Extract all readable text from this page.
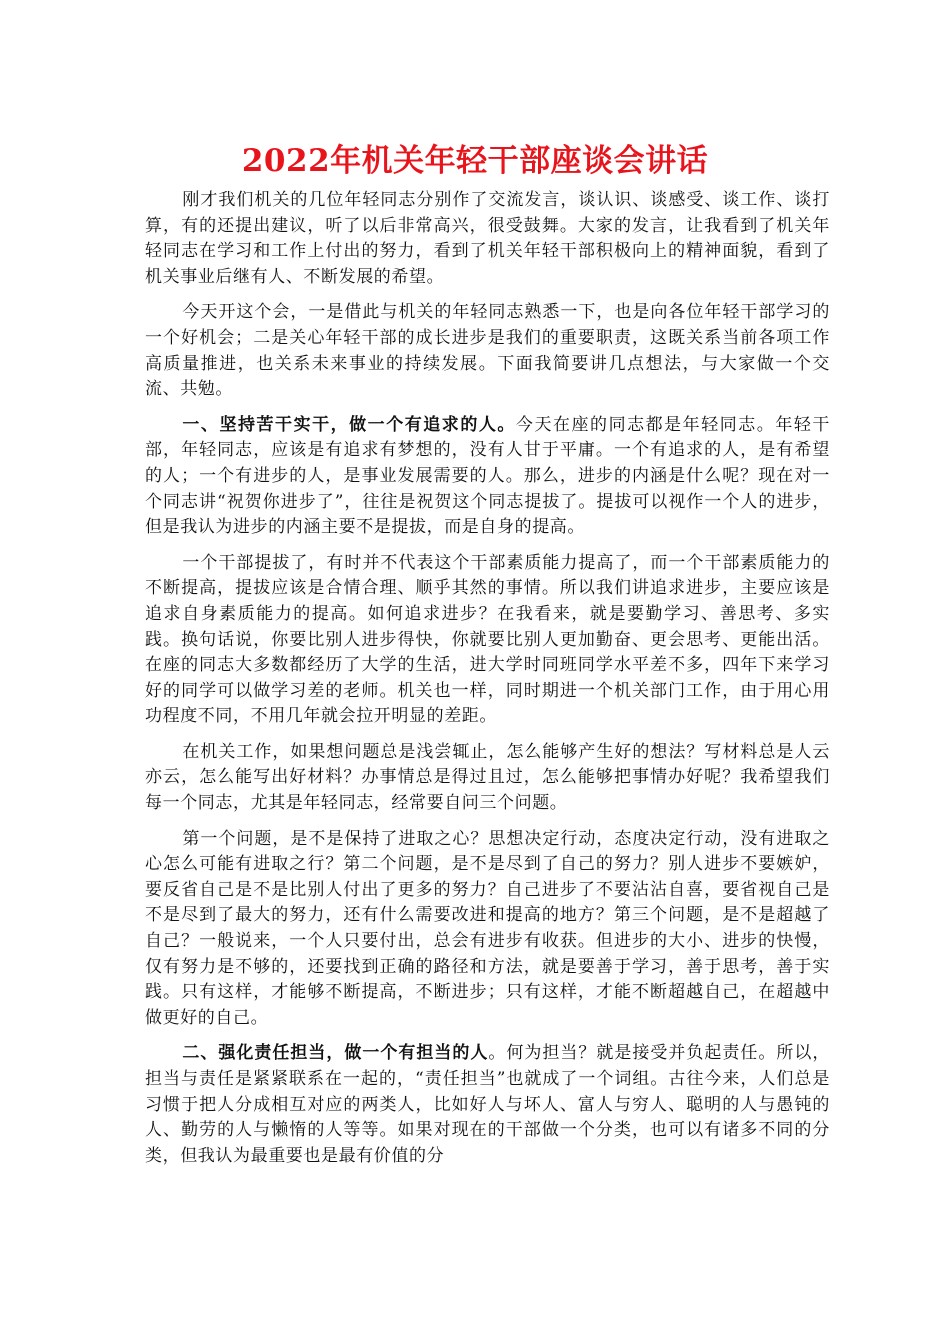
2022年机关年轻干部座谈会讲话

刚才我们机关的几位年轻同志分别作了交流发言，谈认识、谈感受、谈工作、谈打算，有的还提出建议，听了以后非常高兴，很受鼓舞。大家的发言，让我看到了机关年轻同志在学习和工作上付出的努力，看到了机关年轻干部积极向上的精神面貌，看到了机关事业后继有人、不断发展的希望。

今天开这个会，一是借此与机关的年轻同志熟悉一下，也是向各位年轻干部学习的一个好机会；二是关心年轻干部的成长进步是我们的重要职责，这既关系当前各项工作高质量推进，也关系未来事业的持续发展。下面我简要讲几点想法，与大家做一个交流、共勉。

一、坚持苦干实干，做一个有追求的人。今天在座的同志都是年轻同志。年轻干部，年轻同志，应该是有追求有梦想的，没有人甘于平庸。一个有追求的人，是有希望的人；一个有进步的人，是事业发展需要的人。那么，进步的内涵是什么呢？现在对一个同志讲“祝贺你进步了”，往往是祝贺这个同志提拔了。提拔可以视作一个人的进步，但是我认为进步的内涵主要不是提拔，而是自身的提高。

一个干部提拔了，有时并不代表这个干部素质能力提高了，而一个干部素质能力的不断提高，提拔应该是合情合理、顺乎其然的事情。所以我们讲追求进步，主要应该是追求自身素质能力的提高。如何追求进步？在我看来，就是要勤学习、善思考、多实践。换句话说，你要比别人进步得快，你就要比别人更加勤奋、更会思考、更能出活。在座的同志大多数都经历了大学的生活，进大学时同班同学水平差不多，四年下来学习好的同学可以做学习差的老师。机关也一样，同时期进一个机关部门工作，由于用心用功程度不同，不用几年就会拉开明显的差距。

在机关工作，如果想问题总是浅尝辄止，怎么能够产生好的想法？写材料总是人云亦云，怎么能写出好材料？办事情总是得过且过，怎么能够把事情办好呢？我希望我们每一个同志，尤其是年轻同志，经常要自问三个问题。

第一个问题，是不是保持了进取之心？思想决定行动，态度决定行动，没有进取之心怎么可能有进取之行？第二个问题，是不是尽到了自己的努力？别人进步不要嫉妒，要反省自己是不是比别人付出了更多的努力？自己进步了不要沾沾自喜，要省视自己是不是尽到了最大的努力，还有什么需要改进和提高的地方？第三个问题，是不是超越了自己？一般说来，一个人只要付出，总会有进步有收获。但进步的大小、进步的快慢，仅有努力是不够的，还要找到正确的路径和方法，就是要善于学习，善于思考，善于实践。只有这样，才能够不断提高，不断进步；只有这样，才能不断超越自己，在超越中做更好的自己。

二、强化责任担当，做一个有担当的人。何为担当？就是接受并负起责任。所以，担当与责任是紧紧联系在一起的，“责任担当”也就成了一个词组。古往今来，人们总是习惯于把人分成相互对应的两类人，比如好人与坏人、富人与穷人、聪明的人与愚钝的人、勤劳的人与懒惰的人等等。如果对现在的干部做一个分类，也可以有诸多不同的分类，但我认为最重要也是最有价值的分
